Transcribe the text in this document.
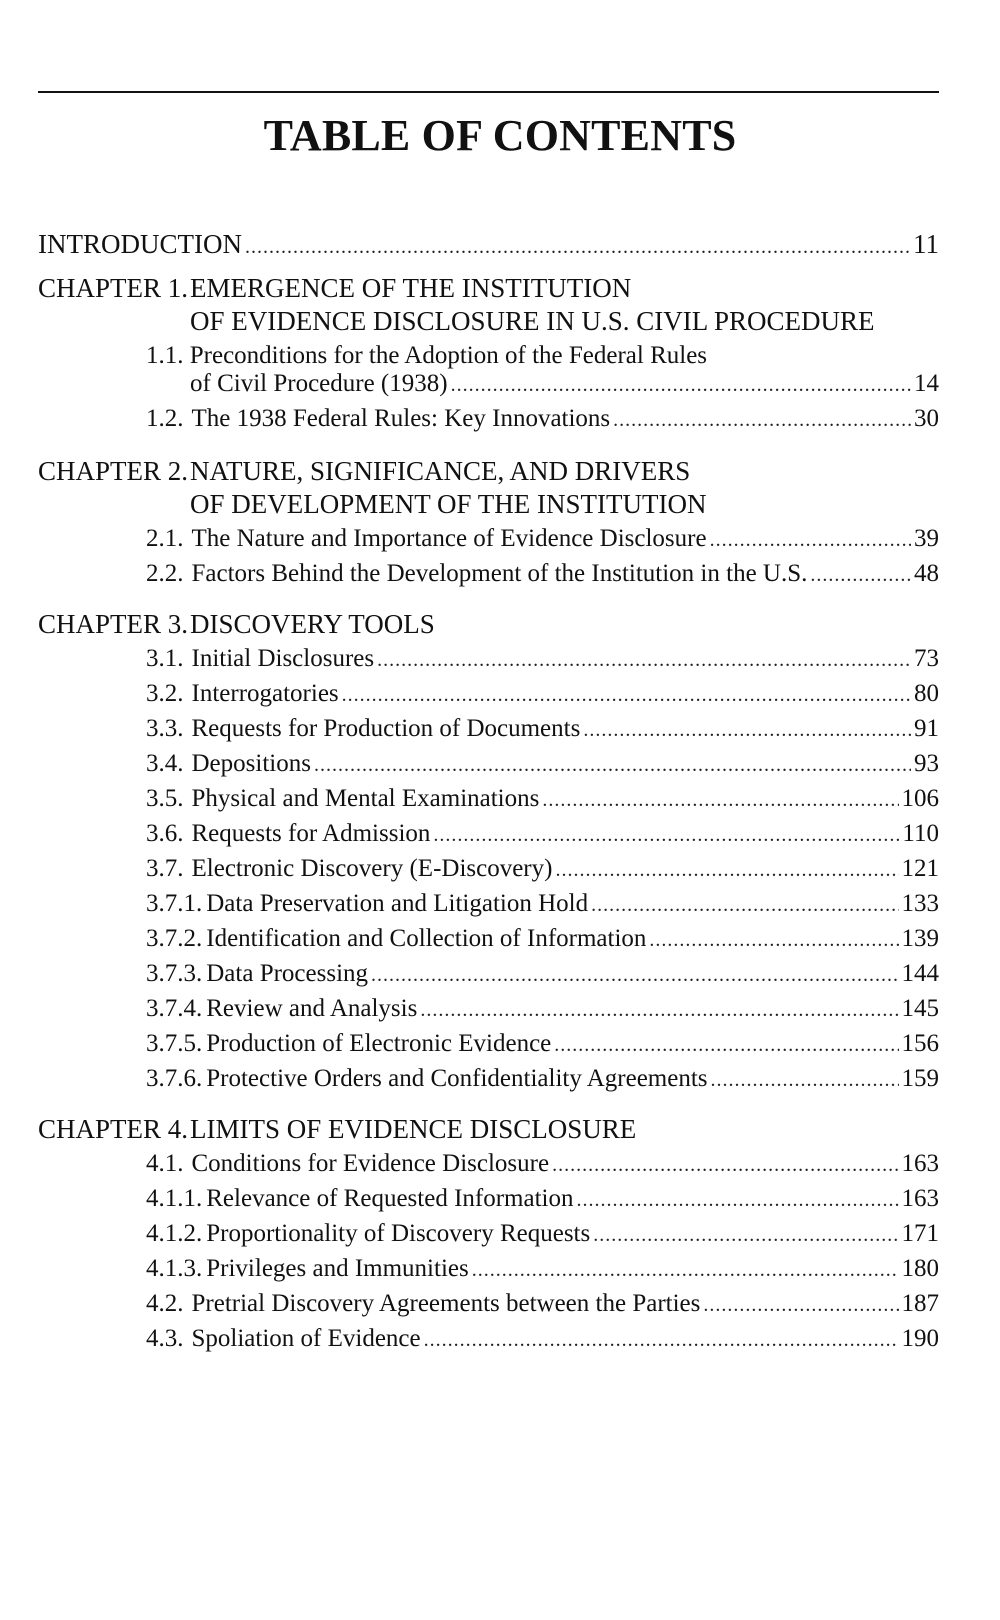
TABLE OF CONTENTS
INTRODUCTION .....	11
CHAPTER 1. EMERGENCE OF THE INSTITUTION
OF EVIDENCE DISCLOSURE IN U.S. CIVIL PROCEDURE
1.1. Preconditions for the Adoption of the Federal Rules
of Civil Procedure (1938) .....	14
1.2. The 1938 Federal Rules: Key Innovations .....	30
CHAPTER 2. NATURE, SIGNIFICANCE, AND DRIVERS
OF DEVELOPMENT OF THE INSTITUTION
2.1. The Nature and Importance of Evidence Disclosure .....	39
2.2. Factors Behind the Development of the Institution in the U.S. .....	48
CHAPTER 3. DISCOVERY TOOLS
3.1. Initial Disclosures .....	73
3.2. Interrogatories .....	80
3.3. Requests for Production of Documents .....	91
3.4. Depositions .....	93
3.5. Physical and Mental Examinations .....	106
3.6. Requests for Admission .....	110
3.7. Electronic Discovery (E-Discovery) .....	121
3.7.1. Data Preservation and Litigation Hold .....	133
3.7.2. Identification and Collection of Information .....	139
3.7.3. Data Processing .....	144
3.7.4. Review and Analysis .....	145
3.7.5. Production of Electronic Evidence .....	156
3.7.6. Protective Orders and Confidentiality Agreements .....	159
CHAPTER 4. LIMITS OF EVIDENCE DISCLOSURE
4.1. Conditions for Evidence Disclosure .....	163
4.1.1. Relevance of Requested Information .....	163
4.1.2. Proportionality of Discovery Requests .....	171
4.1.3. Privileges and Immunities .....	180
4.2. Pretrial Discovery Agreements between the Parties .....	187
4.3. Spoliation of Evidence .....	190
